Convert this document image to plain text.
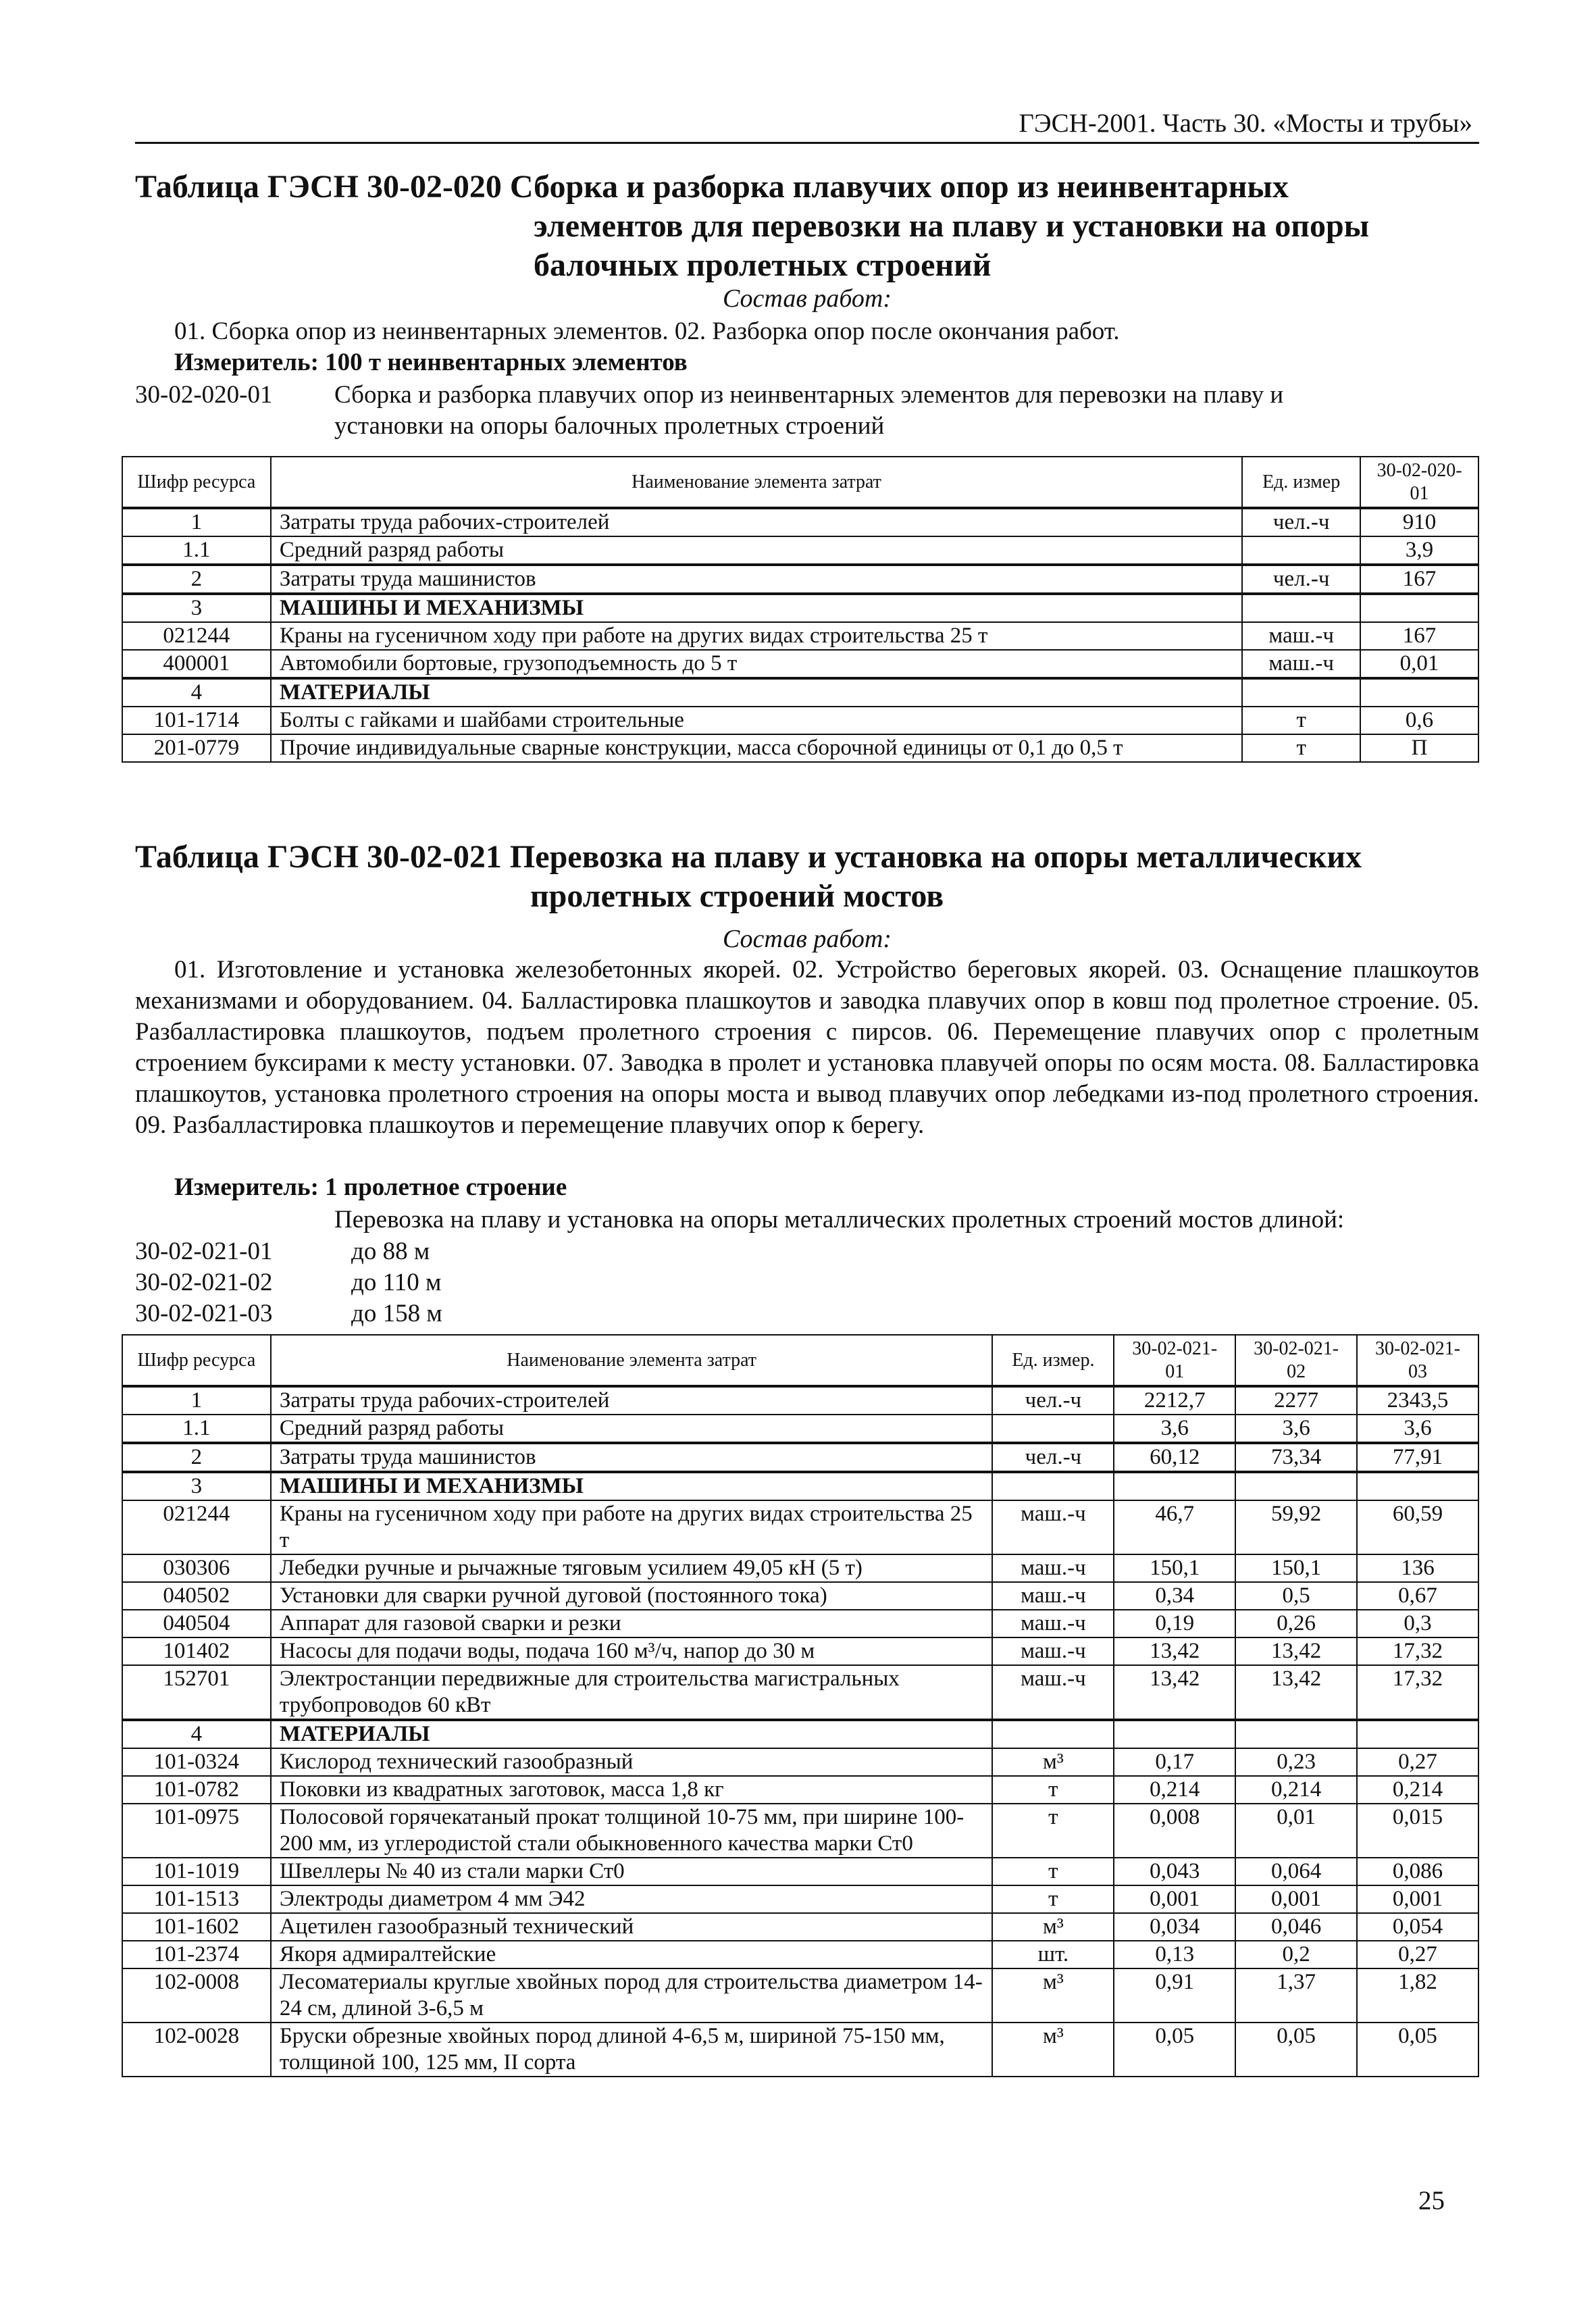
ГЭСН-2001. Часть 30. «Мосты и трубы»
Таблица ГЭСН 30-02-020 Сборка и разборка плавучих опор из неинвентарных
элементов для перевозки на плаву и установки на опоры
балочных пролетных строений
Состав работ:
01. Сборка опор из неинвентарных элементов. 02. Разборка опор после окончания работ.
Измеритель: 100 т неинвентарных элементов
30-02-020-01	Сборка и разборка плавучих опор из неинвентарных элементов для перевозки на плаву и установки на опоры балочных пролетных строений
Шифр ресурса	Наименование элемента затрат	Ед. измер	30-02-020-01
1	Затраты труда рабочих-строителей	чел.-ч	910
1.1	Средний разряд работы		3,9
2	Затраты труда машинистов	чел.-ч	167
3	МАШИНЫ И МЕХАНИЗМЫ		
021244	Краны на гусеничном ходу при работе на других видах строительства 25 т	маш.-ч	167
400001	Автомобили бортовые, грузоподъемность до 5 т	маш.-ч	0,01
4	МАТЕРИАЛЫ		
101-1714	Болты с гайками и шайбами строительные	т	0,6
201-0779	Прочие индивидуальные сварные конструкции, масса сборочной единицы от 0,1 до 0,5 т	т	П
Таблица ГЭСН 30-02-021 Перевозка на плаву и установка на опоры металлических
пролетных строений мостов
Состав работ:
01. Изготовление и установка железобетонных якорей. 02. Устройство береговых якорей. 03. Оснащение плашкоутов механизмами и оборудованием. 04. Балластировка плашкоутов и заводка плавучих опор в ковш под пролетное строение. 05. Разбалластировка плашкоутов, подъем пролетного строения с пирсов. 06. Перемещение плавучих опор с пролетным строением буксирами к месту установки. 07. Заводка в пролет и установка плавучей опоры по осям моста. 08. Балластировка плашкоутов, установка пролетного строения на опоры моста и вывод плавучих опор лебедками из-под пролетного строения. 09. Разбалластировка плашкоутов и перемещение плавучих опор к берегу.
Измеритель: 1 пролетное строение
Перевозка на плаву и установка на опоры металлических пролетных строений мостов длиной:
30-02-021-01	до 88 м
30-02-021-02	до 110 м
30-02-021-03	до 158 м
Шифр ресурса	Наименование элемента затрат	Ед. измер.	30-02-021-01	30-02-021-02	30-02-021-03
1	Затраты труда рабочих-строителей	чел.-ч	2212,7	2277	2343,5
1.1	Средний разряд работы		3,6	3,6	3,6
2	Затраты труда машинистов	чел.-ч	60,12	73,34	77,91
3	МАШИНЫ И МЕХАНИЗМЫ				
021244	Краны на гусеничном ходу при работе на других видах строительства 25 т	маш.-ч	46,7	59,92	60,59
030306	Лебедки ручные и рычажные тяговым усилием 49,05 кН (5 т)	маш.-ч	150,1	150,1	136
040502	Установки для сварки ручной дуговой (постоянного тока)	маш.-ч	0,34	0,5	0,67
040504	Аппарат для газовой сварки и резки	маш.-ч	0,19	0,26	0,3
101402	Насосы для подачи воды, подача 160 м³/ч, напор до 30 м	маш.-ч	13,42	13,42	17,32
152701	Электростанции передвижные для строительства магистральных трубопроводов 60 кВт	маш.-ч	13,42	13,42	17,32
4	МАТЕРИАЛЫ				
101-0324	Кислород технический газообразный	м³	0,17	0,23	0,27
101-0782	Поковки из квадратных заготовок, масса 1,8 кг	т	0,214	0,214	0,214
101-0975	Полосовой горячекатаный прокат толщиной 10-75 мм, при ширине 100-200 мм, из углеродистой стали обыкновенного качества марки Ст0	т	0,008	0,01	0,015
101-1019	Швеллеры № 40 из стали марки Ст0	т	0,043	0,064	0,086
101-1513	Электроды диаметром 4 мм Э42	т	0,001	0,001	0,001
101-1602	Ацетилен газообразный технический	м³	0,034	0,046	0,054
101-2374	Якоря адмиралтейские	шт.	0,13	0,2	0,27
102-0008	Лесоматериалы круглые хвойных пород для строительства диаметром 14-24 см, длиной 3-6,5 м	м³	0,91	1,37	1,82
102-0028	Бруски обрезные хвойных пород длиной 4-6,5 м, шириной 75-150 мм, толщиной 100, 125 мм, II сорта	м³	0,05	0,05	0,05
25
